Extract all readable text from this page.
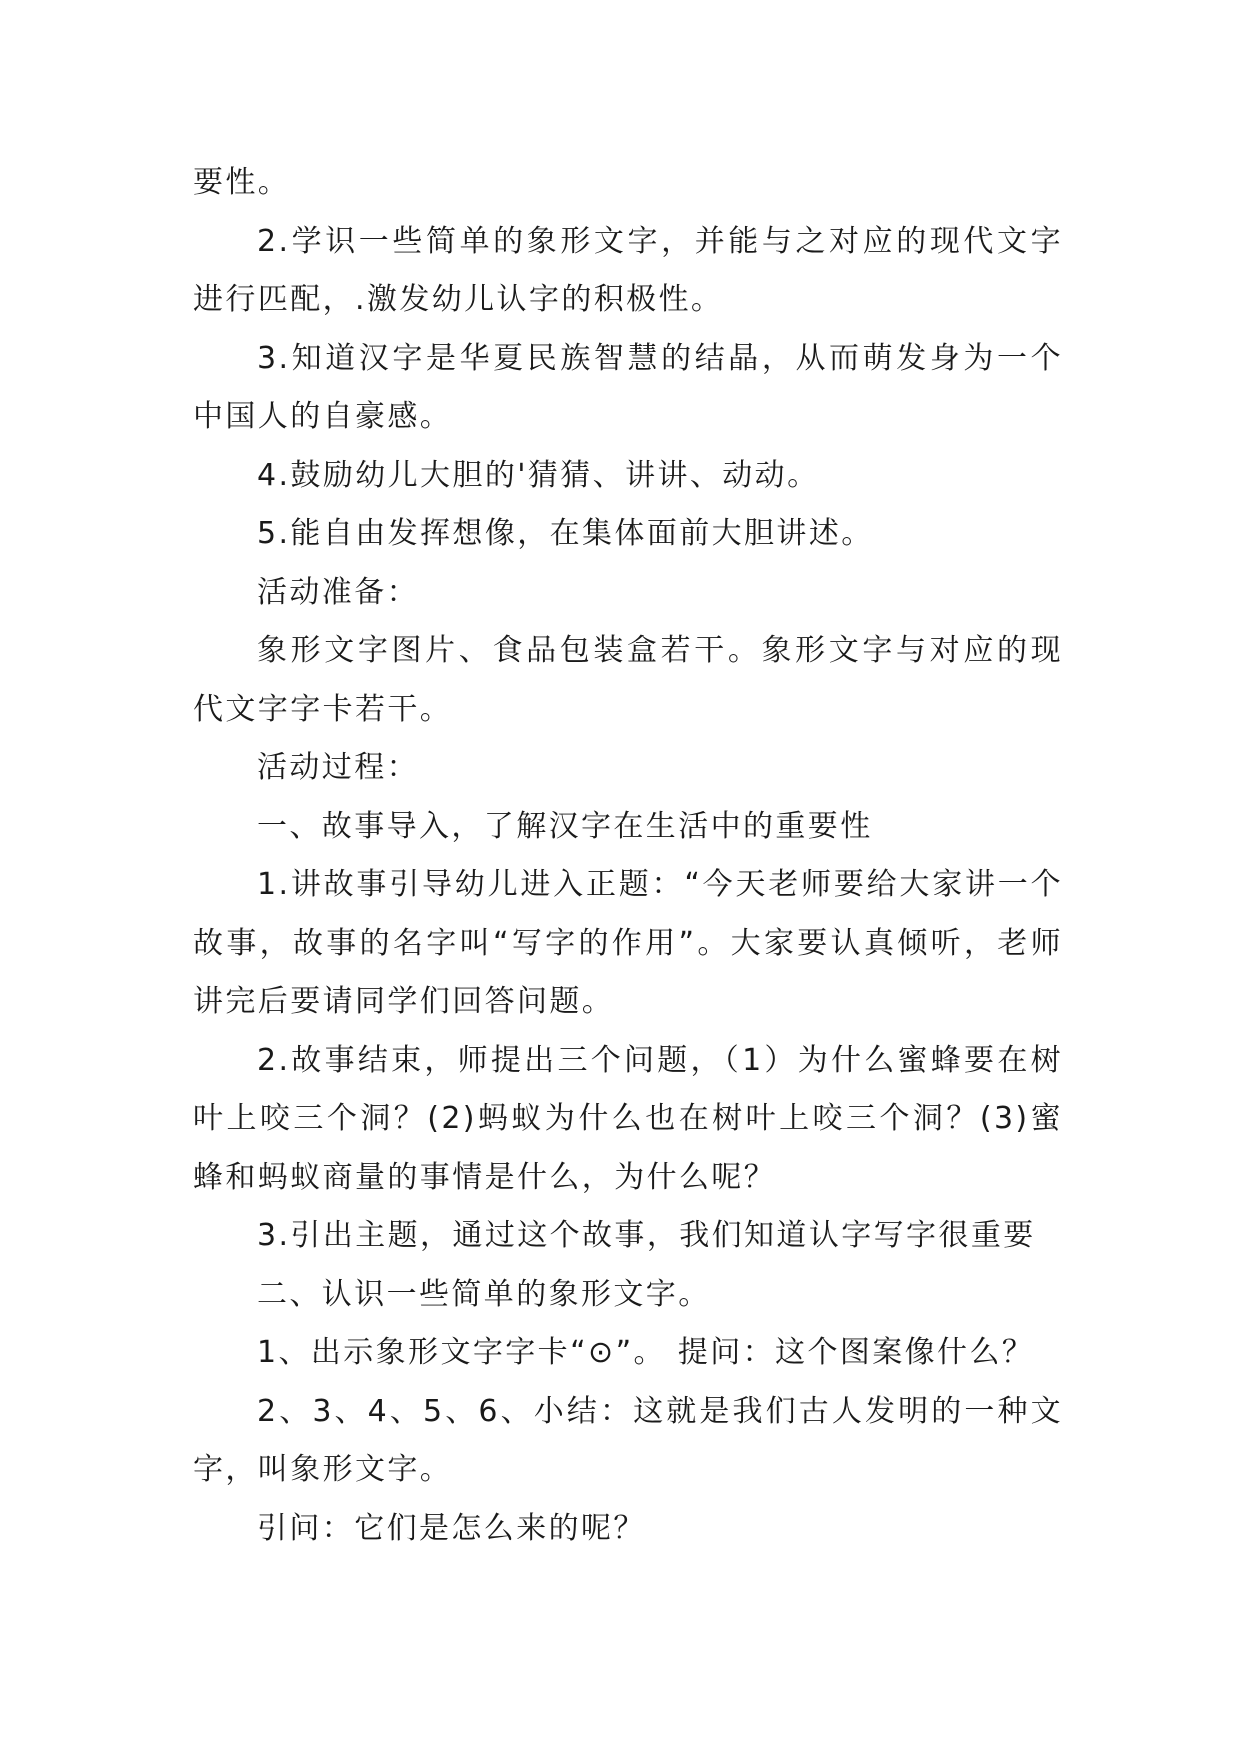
要性。

2.学识一些简单的象形文字，并能与之对应的现代文字进行匹配，.激发幼儿认字的积极性。

3.知道汉字是华夏民族智慧的结晶，从而萌发身为一个中国人的自豪感。

4.鼓励幼儿大胆的'猜猜、讲讲、动动。

5.能自由发挥想像，在集体面前大胆讲述。

活动准备：

象形文字图片、食品包装盒若干。象形文字与对应的现代文字字卡若干。

活动过程：

一、故事导入，了解汉字在生活中的重要性

1.讲故事引导幼儿进入正题：“今天老师要给大家讲一个故事，故事的名字叫“写字的作用”。大家要认真倾听，老师讲完后要请同学们回答问题。

2.故事结束，师提出三个问题，（1）为什么蜜蜂要在树叶上咬三个洞？(2)蚂蚁为什么也在树叶上咬三个洞？(3)蜜蜂和蚂蚁商量的事情是什么，为什么呢？

3.引出主题，通过这个故事，我们知道认字写字很重要

二、认识一些简单的象形文字。

1、出示象形文字字卡“⊙”。 提问：这个图案像什么？

2、3、4、5、6、小结：这就是我们古人发明的一种文字，叫象形文字。

引问：它们是怎么来的呢？
